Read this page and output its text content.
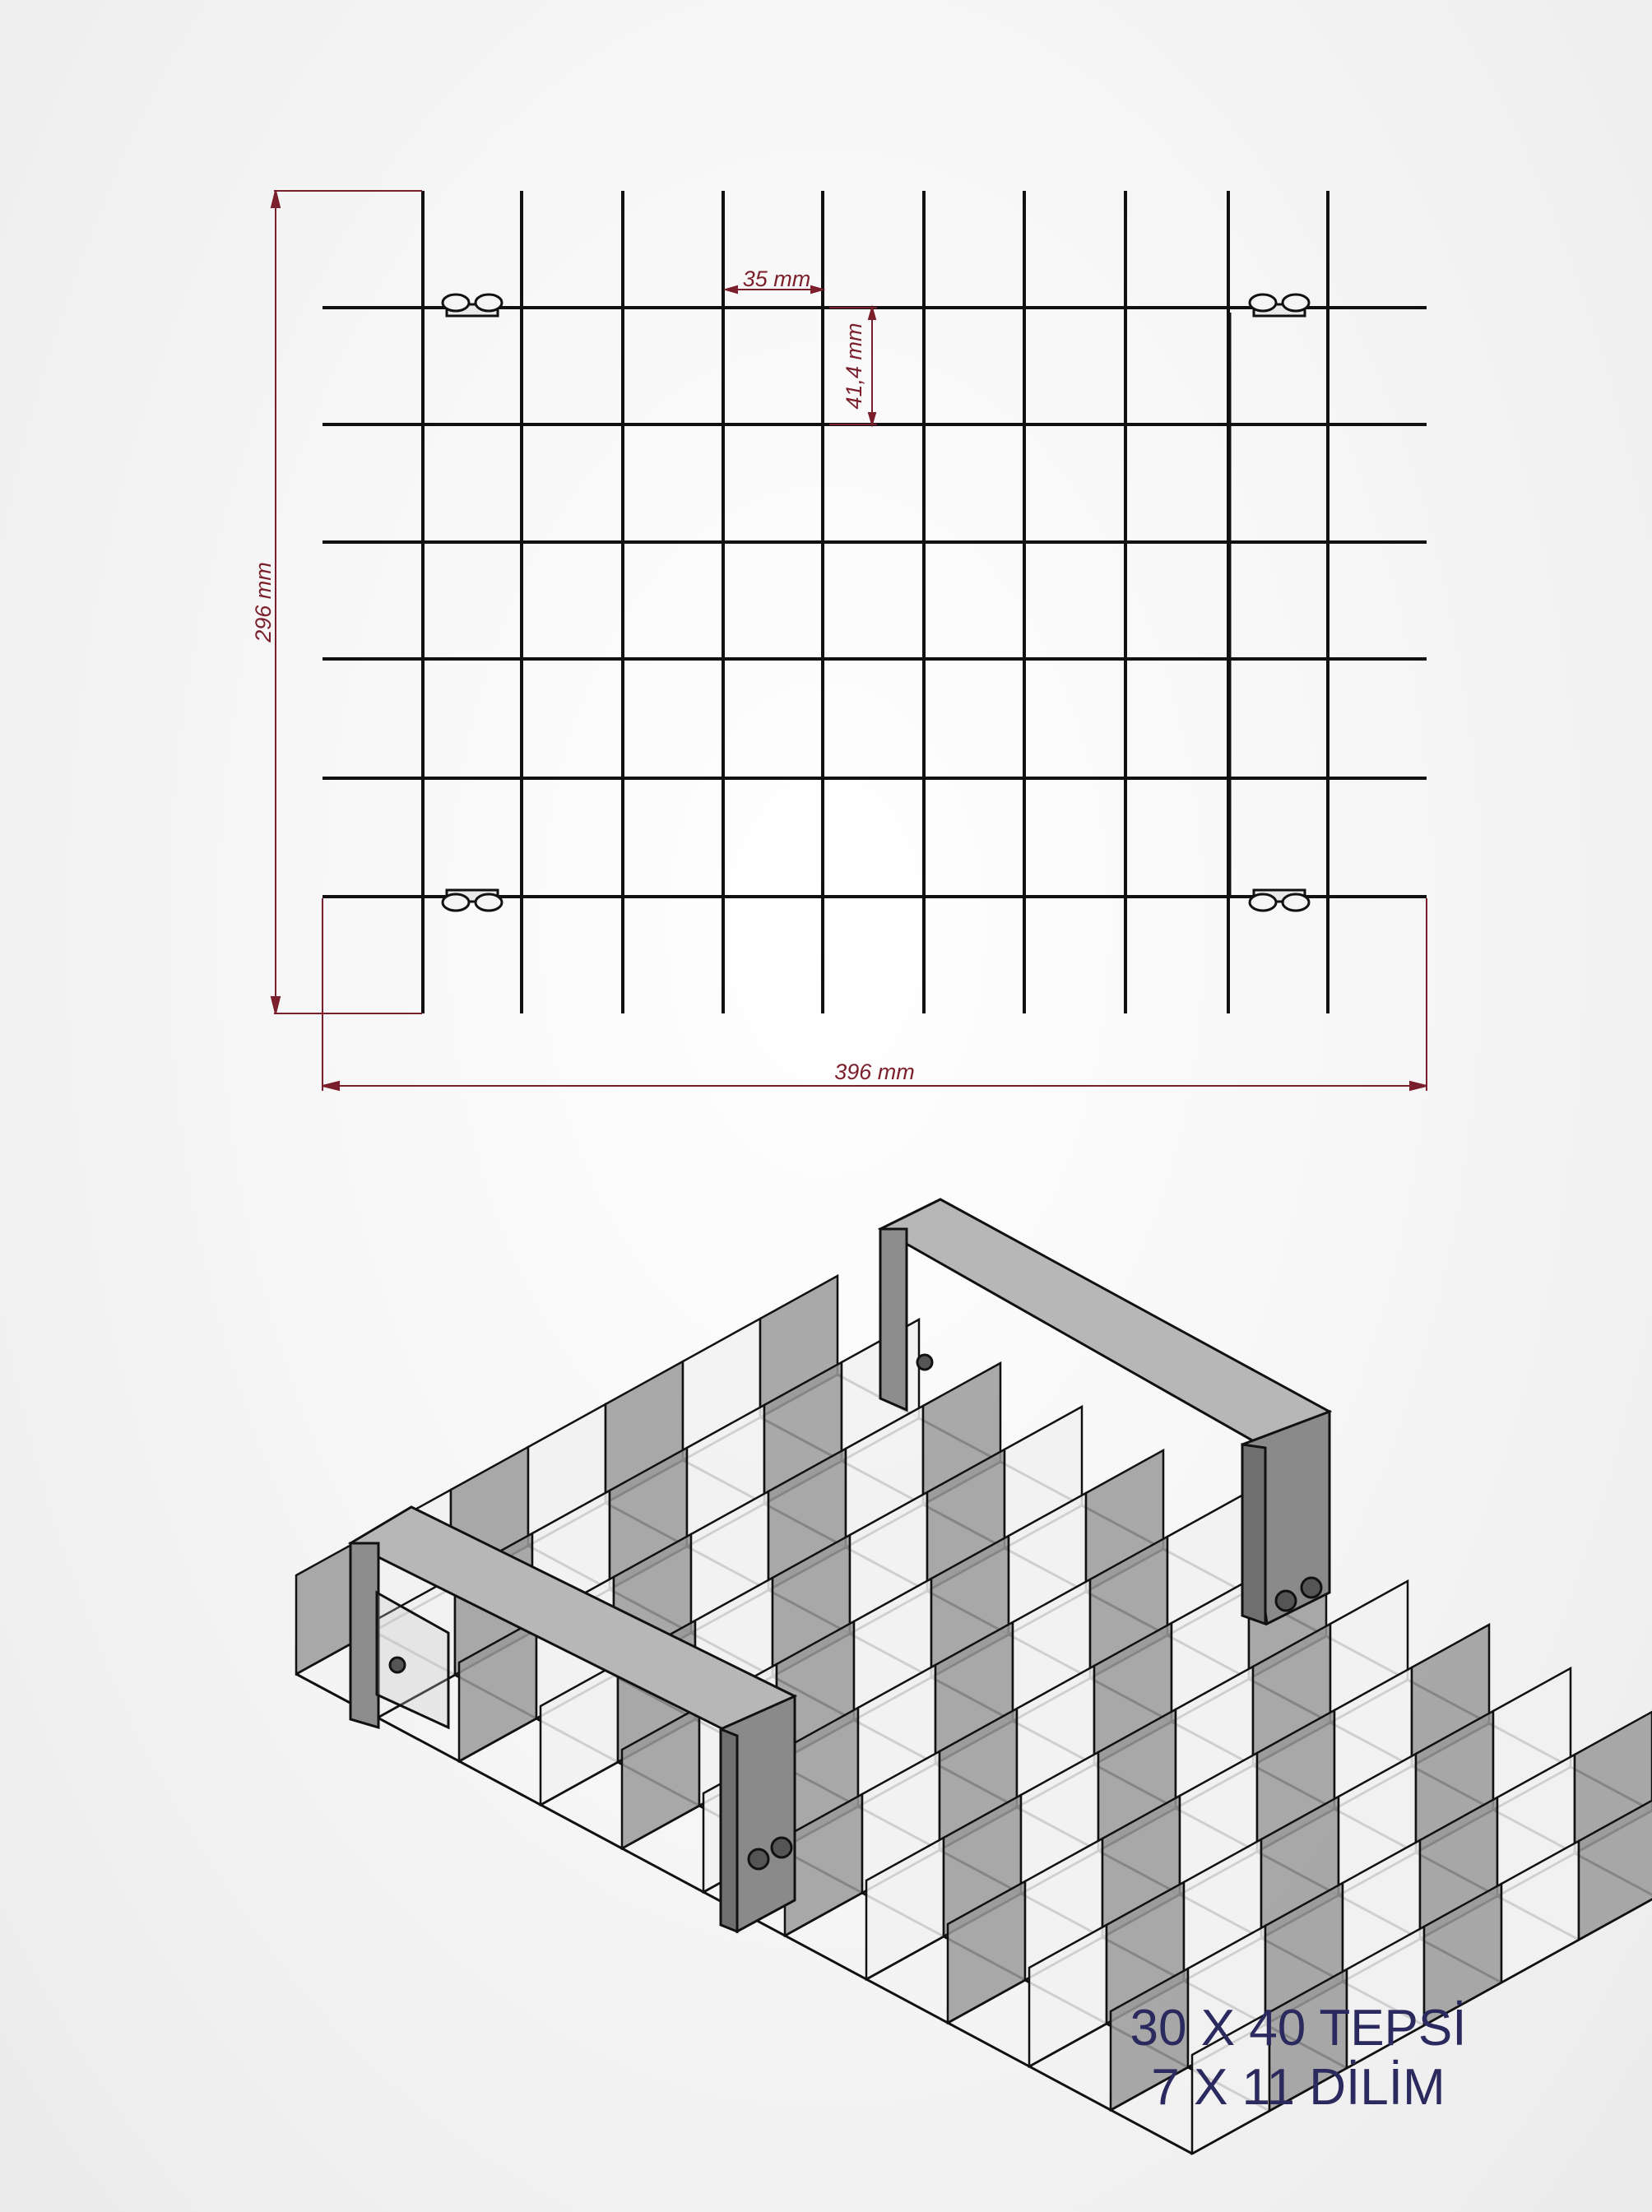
296 mm
396 mm
35 mm
41,4 mm
30 X 40 TEPSİ
7 X 11 DİLİM
